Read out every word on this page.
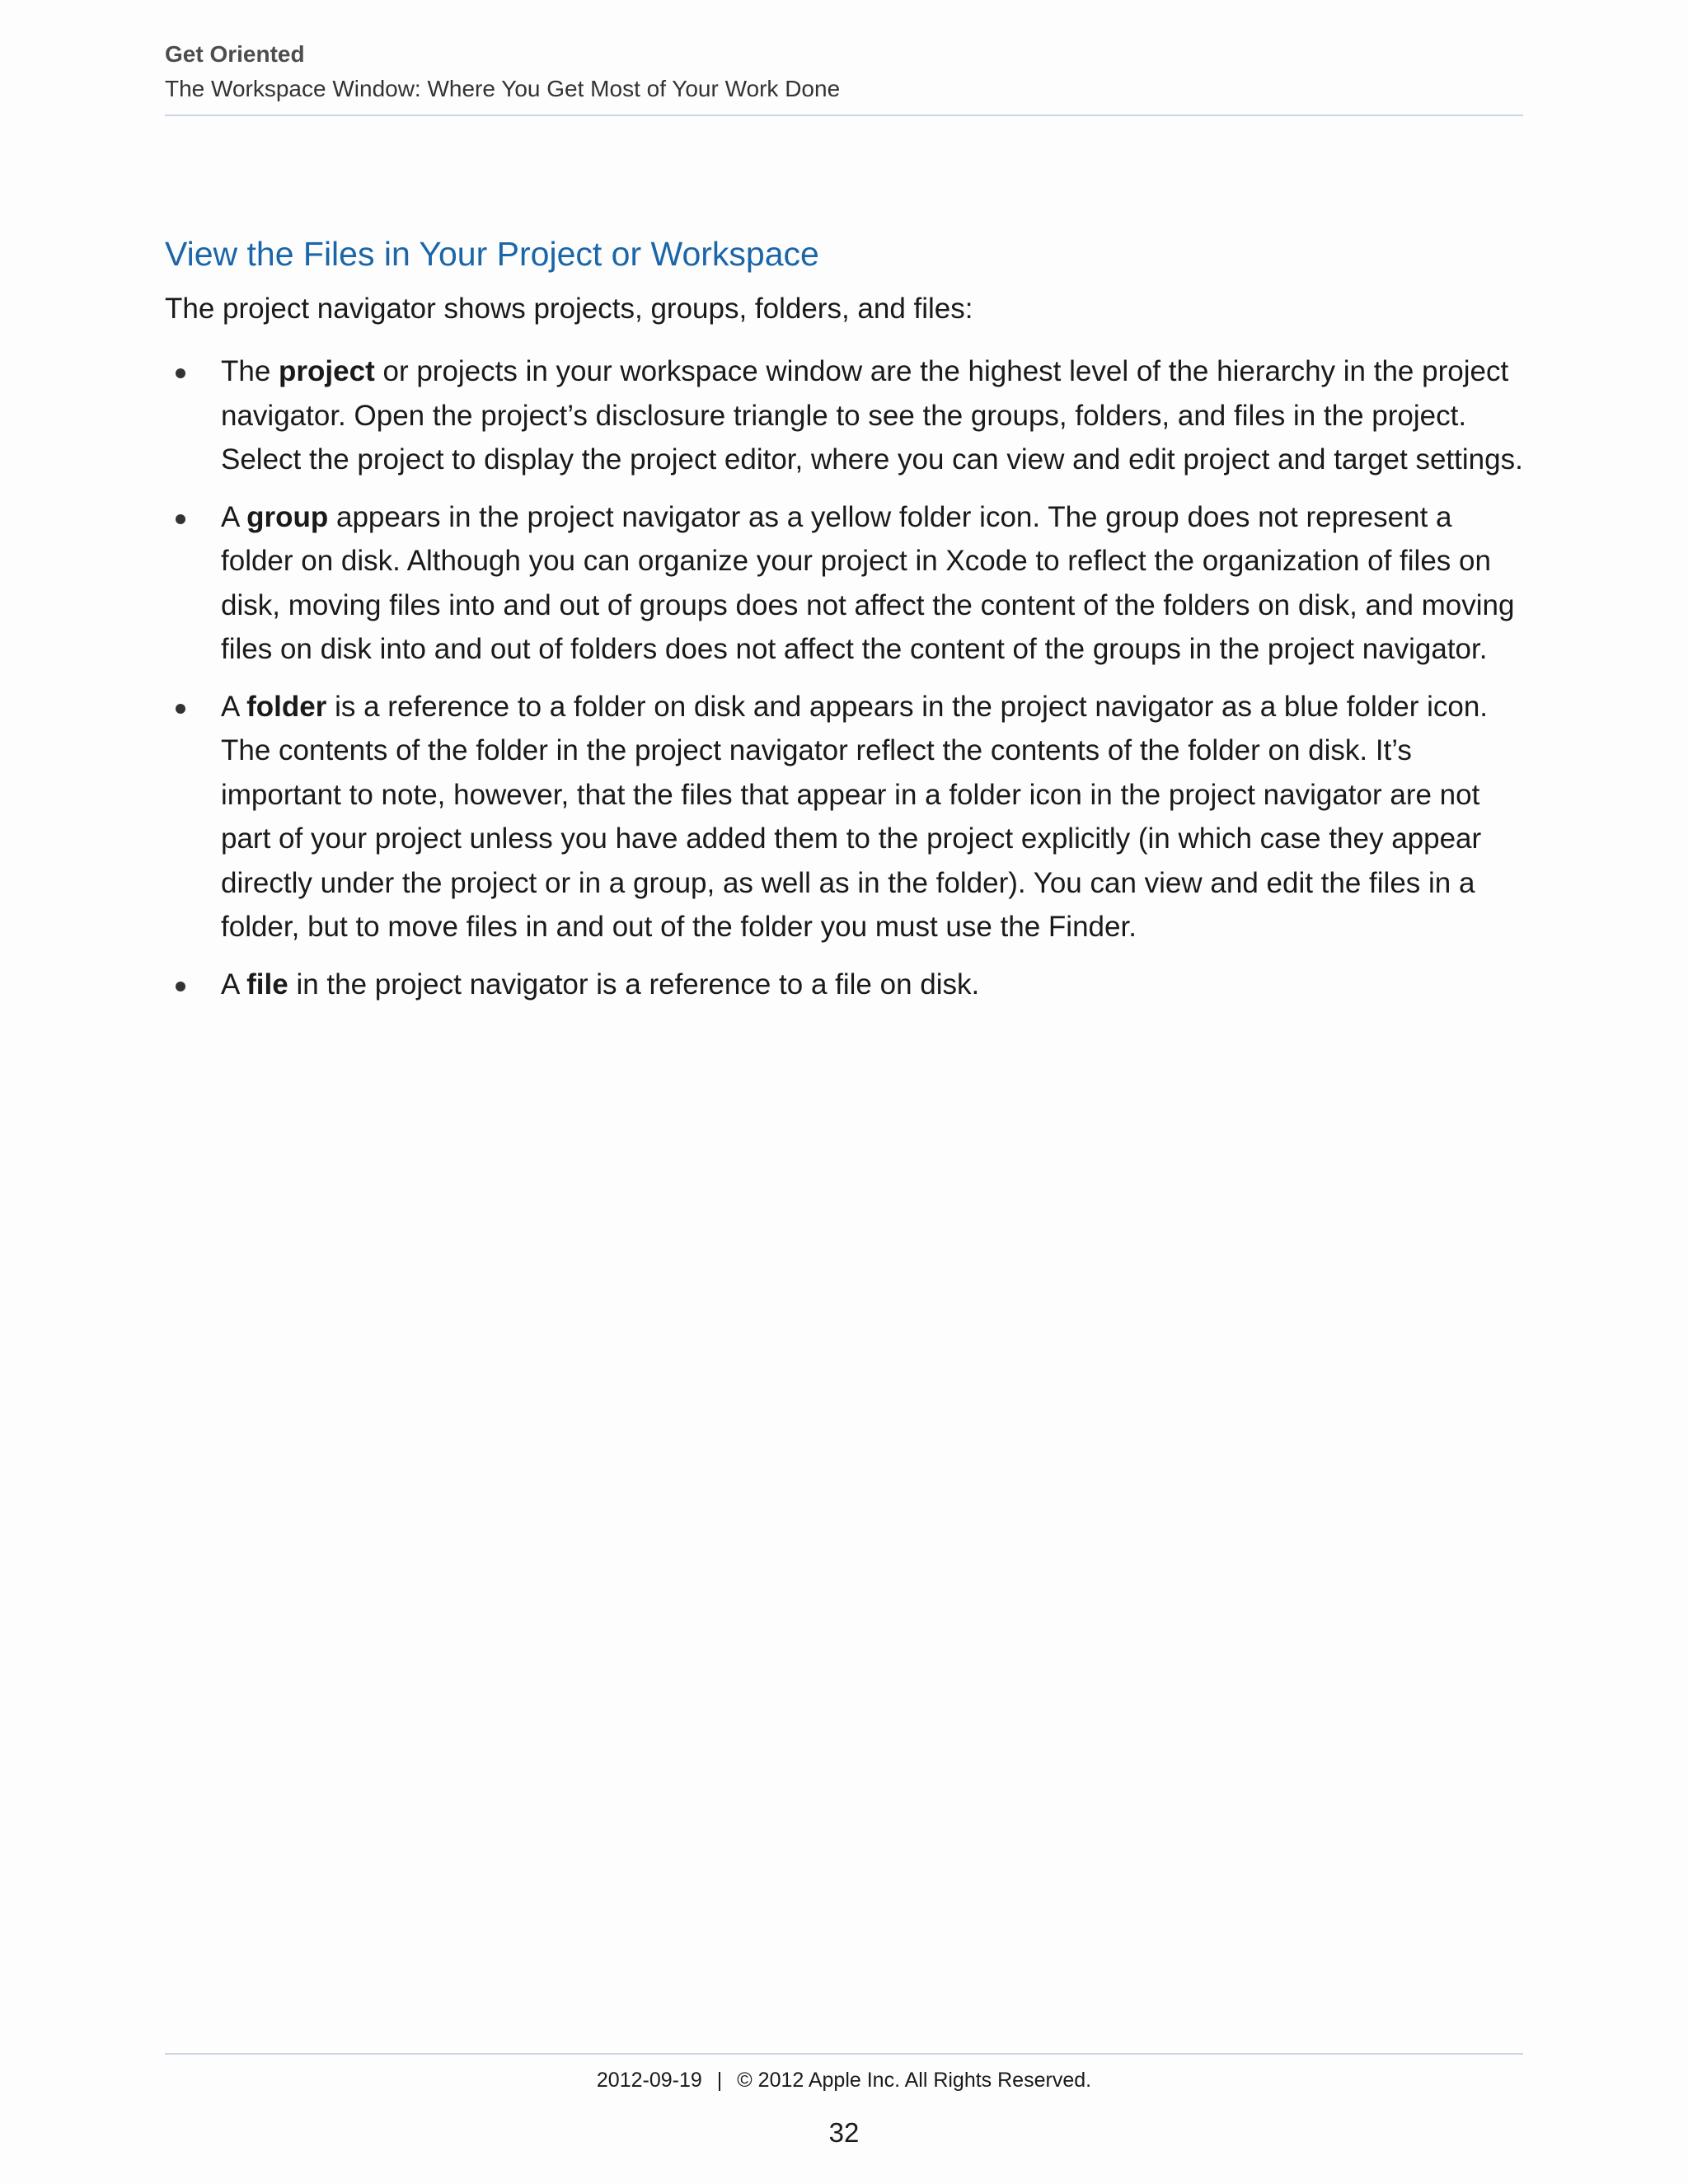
Get Oriented
The Workspace Window: Where You Get Most of Your Work Done
View the Files in Your Project or Workspace

The project navigator shows projects, groups, folders, and files:

The project or projects in your workspace window are the highest level of the hierarchy in the project navigator. Open the project’s disclosure triangle to see the groups, folders, and files in the project. Select the project to display the project editor, where you can view and edit project and target settings.
A group appears in the project navigator as a yellow folder icon. The group does not represent a folder on disk. Although you can organize your project in Xcode to reflect the organization of files on disk, moving files into and out of groups does not affect the content of the folders on disk, and moving files on disk into and out of folders does not affect the content of the groups in the project navigator.
A folder is a reference to a folder on disk and appears in the project navigator as a blue folder icon. The contents of the folder in the project navigator reflect the contents of the folder on disk. It’s important to note, however, that the files that appear in a folder icon in the project navigator are not part of your project unless you have added them to the project explicitly (in which case they appear directly under the project or in a group, as well as in the folder). You can view and edit the files in a folder, but to move files in and out of the folder you must use the Finder.
A file in the project navigator is a reference to a file on disk.
2012-09-19 | © 2012 Apple Inc. All Rights Reserved.
32
